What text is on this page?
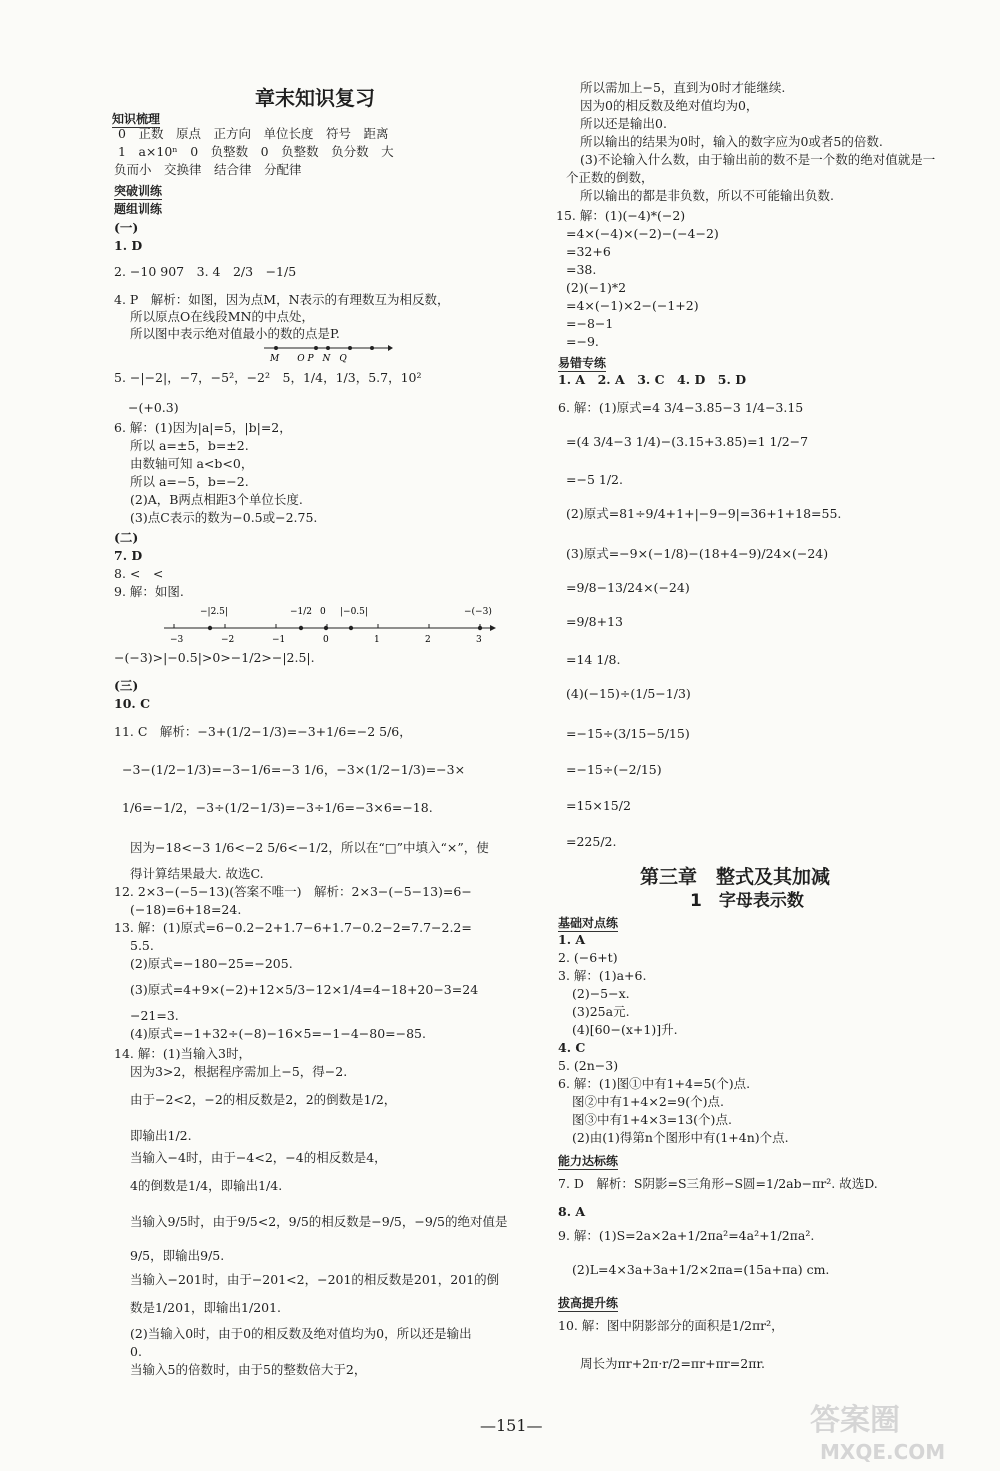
章末知识复习
知识梳理
0　正数　原点　正方向　单位长度　符号　距离
1　a×10ⁿ　0　负整数　0　负整数　负分数　大
负而小　交换律　结合律　分配律
突破训练
题组训练
(一)
1. D
2. −10 907　3. 4　2/3　−1/5
4. P　解析：如图，因为点M，N表示的有理数互为相反数，
所以原点O在线段MN的中点处，
所以图中表示绝对值最小的数的点是P.
M　　O P　N　Q
5. −|−2|，−7，−5²，−2²　5，1/4，1/3，5.7，10²
−(+0.3)
6. 解：(1)因为|a|=5，|b|=2，
所以 a=±5，b=±2.
由数轴可知 a<b<0，
所以 a=−5，b=−2.
(2)A，B两点相距3个单位长度.
(3)点C表示的数为−0.5或−2.75.
(二)
7. D
8. <　<
9. 解：如图.
−|2.5|	−1/2 0 |−0.5|	−(−3)
−3	−2	−1	0	1	2	3
−(−3)>|−0.5|>0>−1/2>−|2.5|.
(三)
10. C
11. C　解析：−3+(1/2−1/3)=−3+1/6=−2 5/6，
−3−(1/2−1/3)=−3−1/6=−3 1/6，−3×(1/2−1/3)=−3×
1/6=−1/2，−3÷(1/2−1/3)=−3÷1/6=−3×6=−18.
因为−18<−3 1/6<−2 5/6<−1/2，所以在“□”中填入“×”，使
得计算结果最大. 故选C.
12. 2×3−(−5−13)(答案不唯一)　解析：2×3−(−5−13)=6−
(−18)=6+18=24.
13. 解：(1)原式=6−0.2−2+1.7−6+1.7−0.2−2=7.7−2.2=
5.5.
(2)原式=−180−25=−205.
(3)原式=4+9×(−2)+12×5/3−12×1/4=4−18+20−3=24
−21=3.
(4)原式=−1+32÷(−8)−16×5=−1−4−80=−85.
14. 解：(1)当输入3时，
因为3>2，根据程序需加上−5，得−2.
由于−2<2，−2的相反数是2，2的倒数是1/2，
即输出1/2.
当输入−4时，由于−4<2，−4的相反数是4，
4的倒数是1/4，即输出1/4.
当输入9/5时，由于9/5<2，9/5的相反数是−9/5，−9/5的绝对值是
9/5，即输出9/5.
当输入−201时，由于−201<2，−201的相反数是201，201的倒
数是1/201，即输出1/201.
(2)当输入0时，由于0的相反数及绝对值均为0，所以还是输出
0.
当输入5的倍数时，由于5的整数倍大于2，
所以需加上−5，直到为0时才能继续.
因为0的相反数及绝对值均为0，
所以还是输出0.
所以输出的结果为0时，输入的数字应为0或者5的倍数.
(3)不论输入什么数，由于输出前的数不是一个数的绝对值就是一
个正数的倒数，
所以输出的都是非负数，所以不可能输出负数.
15. 解：(1)(−4)*(−2)
=4×(−4)×(−2)−(−4−2)
=32+6
=38.
(2)(−1)*2
=4×(−1)×2−(−1+2)
=−8−1
=−9.
易错专练
1. A　2. A　3. C　4. D　5. D
6. 解：(1)原式=4 3/4−3.85−3 1/4−3.15
=(4 3/4−3 1/4)−(3.15+3.85)=1 1/2−7
=−5 1/2.
(2)原式=81÷9/4+1+|−9−9|=36+1+18=55.
(3)原式=−9×(−1/8)−(18+4−9)/24×(−24)
=9/8−13/24×(−24)
=9/8+13
=14 1/8.
(4)(−15)÷(1/5−1/3)
=−15÷(3/15−5/15)
=−15÷(−2/15)
=15×15/2
=225/2.
第三章　整式及其加减
1　字母表示数
基础对点练
1. A
2. (−6+t)
3. 解：(1)a+6.
(2)−5−x.
(3)25a元.
(4)[60−(x+1)]升.
4. C
5. (2n−3)
6. 解：(1)图①中有1+4=5(个)点.
图②中有1+4×2=9(个)点.
图③中有1+4×3=13(个)点.
(2)由(1)得第n个图形中有(1+4n)个点.
能力达标练
7. D　解析：S阴影=S三角形−S圆=1/2ab−πr². 故选D.
8. A
9. 解：(1)S=2a×2a+1/2πa²=4a²+1/2πa².
(2)L=4×3a+3a+1/2×2πa=(15a+πa) cm.
拔高提升练
10. 解：图中阴影部分的面积是1/2πr²，
周长为πr+2π·r/2=πr+πr=2πr.
—151—	答案圈
MXQE.COM
